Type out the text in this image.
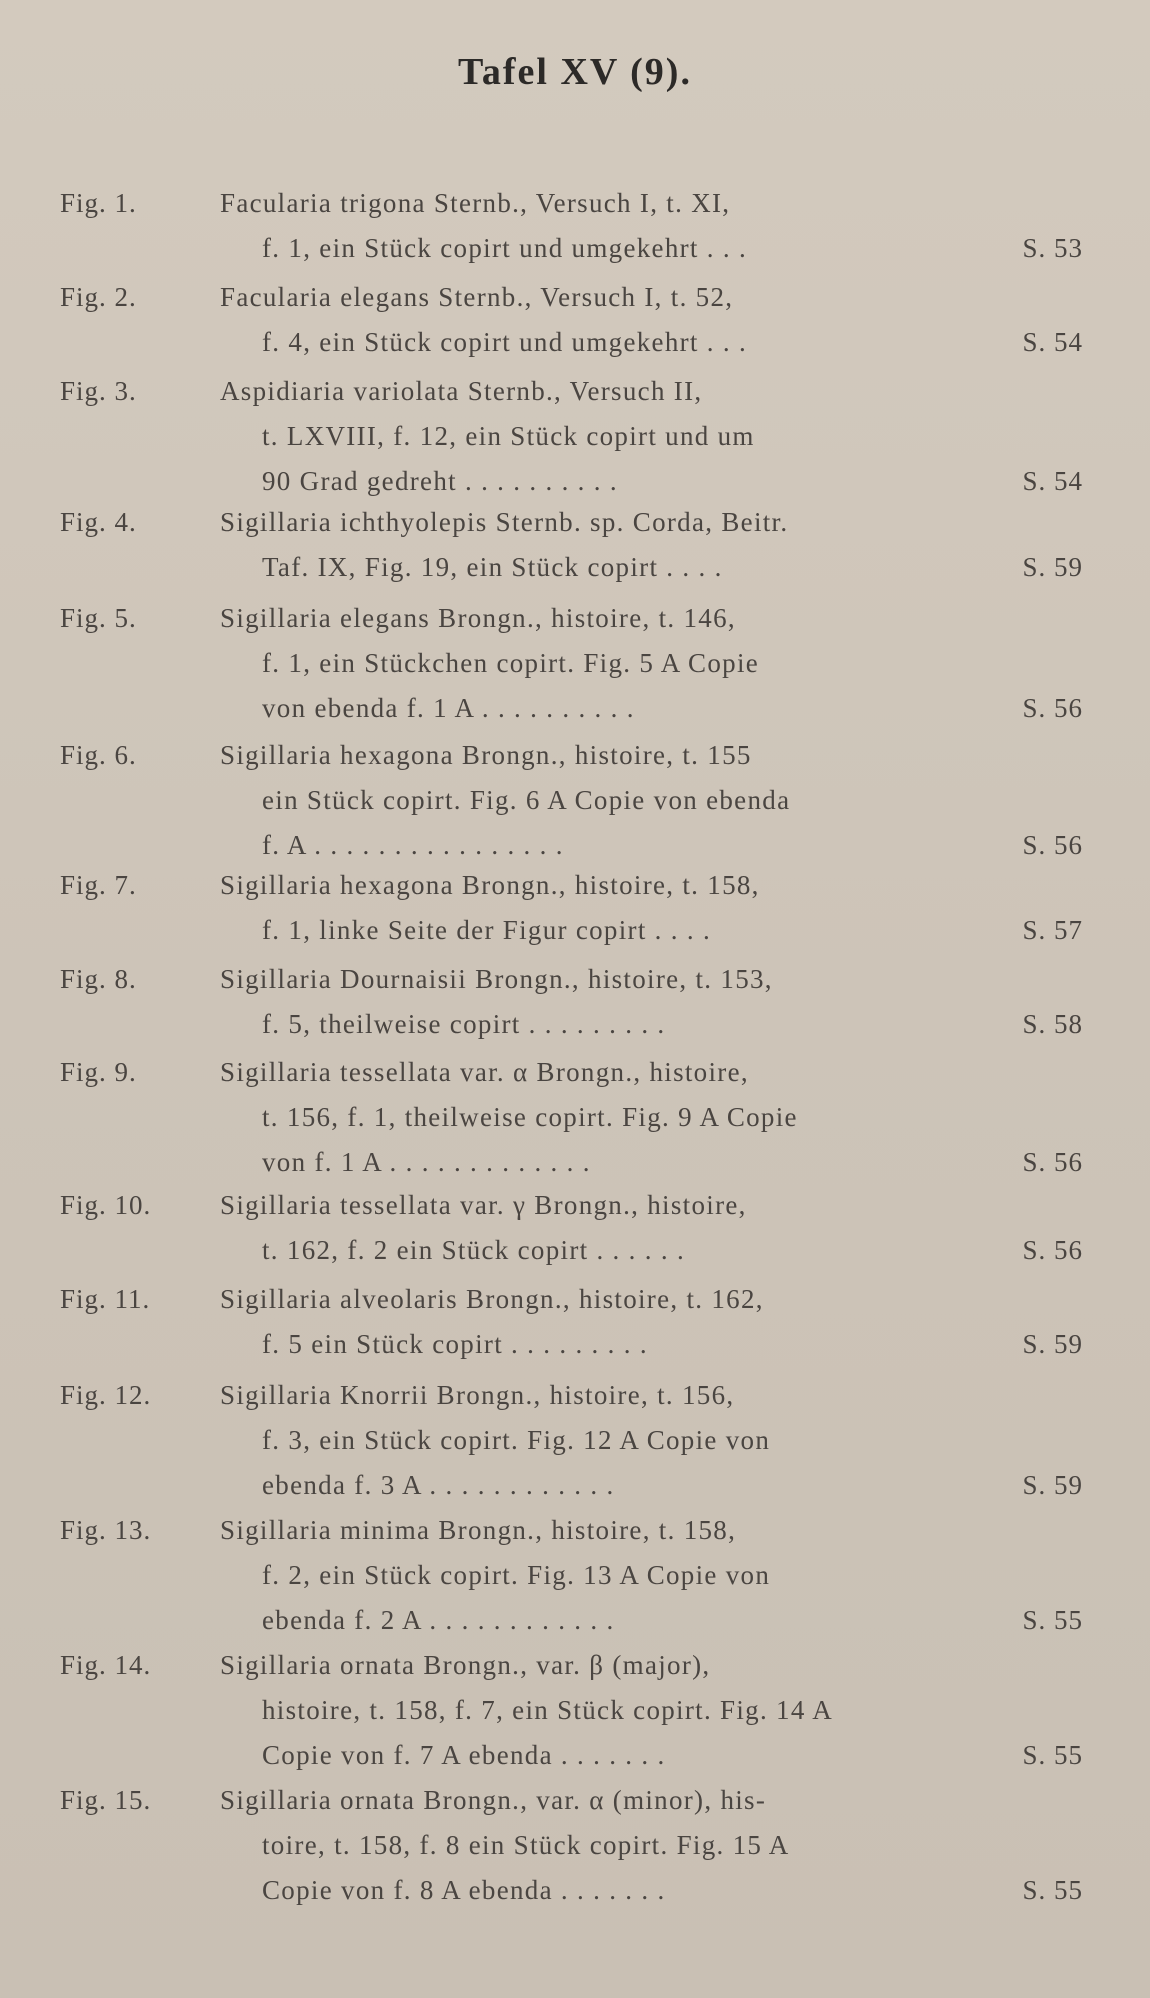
Tafel XV (9).
Fig. 1.	Facularia trigona Sternb., Versuch I, t. XI,
f. 1, ein Stück copirt und umgekehrt . . .	S. 53
Fig. 2.	Facularia elegans Sternb., Versuch I, t. 52,
f. 4, ein Stück copirt und umgekehrt . . .	S. 54
Fig. 3.	Aspidiaria variolata Sternb., Versuch II,
t. LXVIII, f. 12, ein Stück copirt und um
90 Grad gedreht . . . . . . . . . .	S. 54
Fig. 4.	Sigillaria ichthyolepis Sternb. sp. Corda, Beitr.
Taf. IX, Fig. 19, ein Stück copirt . . . .	S. 59
Fig. 5.	Sigillaria elegans Brongn., histoire, t. 146,
f. 1, ein Stückchen copirt. Fig. 5 A Copie
von ebenda f. 1 A . . . . . . . . . .	S. 56
Fig. 6.	Sigillaria hexagona Brongn., histoire, t. 155
ein Stück copirt. Fig. 6 A Copie von ebenda
f. A . . . . . . . . . . . . . . . .	S. 56
Fig. 7.	Sigillaria hexagona Brongn., histoire, t. 158,
f. 1, linke Seite der Figur copirt . . . .	S. 57
Fig. 8.	Sigillaria Dournaisii Brongn., histoire, t. 153,
f. 5, theilweise copirt . . . . . . . . .	S. 58
Fig. 9.	Sigillaria tessellata var. α Brongn., histoire,
t. 156, f. 1, theilweise copirt. Fig. 9 A Copie
von f. 1 A . . . . . . . . . . . . .	S. 56
Fig. 10.	Sigillaria tessellata var. γ Brongn., histoire,
t. 162, f. 2 ein Stück copirt . . . . . .	S. 56
Fig. 11.	Sigillaria alveolaris Brongn., histoire, t. 162,
f. 5 ein Stück copirt . . . . . . . . .	S. 59
Fig. 12.	Sigillaria Knorrii Brongn., histoire, t. 156,
f. 3, ein Stück copirt. Fig. 12 A Copie von
ebenda f. 3 A . . . . . . . . . . . .	S. 59
Fig. 13.	Sigillaria minima Brongn., histoire, t. 158,
f. 2, ein Stück copirt. Fig. 13 A Copie von
ebenda f. 2 A . . . . . . . . . . . .	S. 55
Fig. 14.	Sigillaria ornata Brongn., var. β (major),
histoire, t. 158, f. 7, ein Stück copirt. Fig. 14 A
Copie von f. 7 A ebenda . . . . . . .	S. 55
Fig. 15.	Sigillaria ornata Brongn., var. α (minor), his-
toire, t. 158, f. 8 ein Stück copirt. Fig. 15 A
Copie von f. 8 A ebenda . . . . . . .	S. 55
